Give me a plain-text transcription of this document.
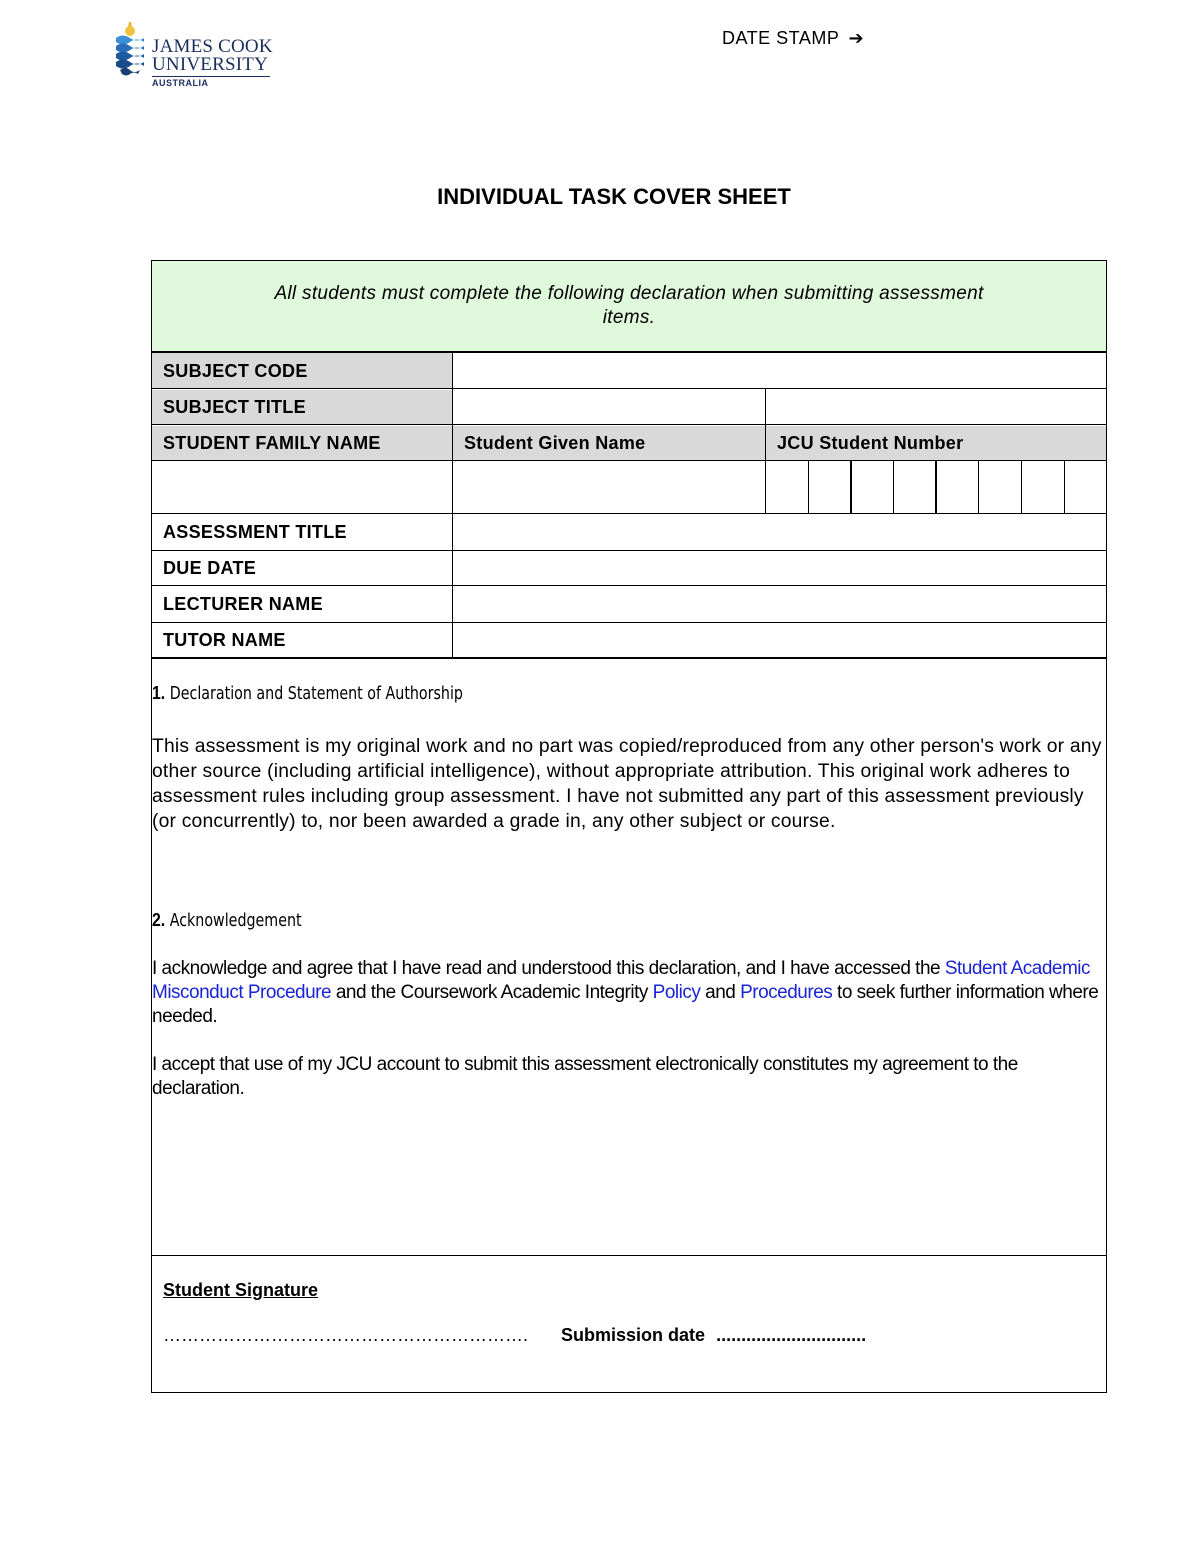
JAMES COOK
UNIVERSITY
AUSTRALIA
DATE STAMP ➔
INDIVIDUAL TASK COVER SHEET
All students must complete the following declaration when submitting assessment items.
SUBJECT CODE
SUBJECT TITLE
STUDENT FAMILY NAME	Student Given Name	JCU Student Number
ASSESSMENT TITLE
DUE DATE
LECTURER NAME
TUTOR NAME
1. Declaration and Statement of Authorship
This assessment is my original work and no part was copied/reproduced from any other person's work or any other source (including artificial intelligence), without appropriate attribution. This original work adheres to assessment rules including group assessment. I have not submitted any part of this assessment previously (or concurrently) to, nor been awarded a grade in, any other subject or course.
2. Acknowledgement
I acknowledge and agree that I have read and understood this declaration, and I have accessed the Student Academic Misconduct Procedure and the Coursework Academic Integrity Policy and Procedures to seek further information where needed.
I accept that use of my JCU account to submit this assessment electronically constitutes my agreement to the declaration.
Student Signature
……………………………………………………. Submission date ..............................
